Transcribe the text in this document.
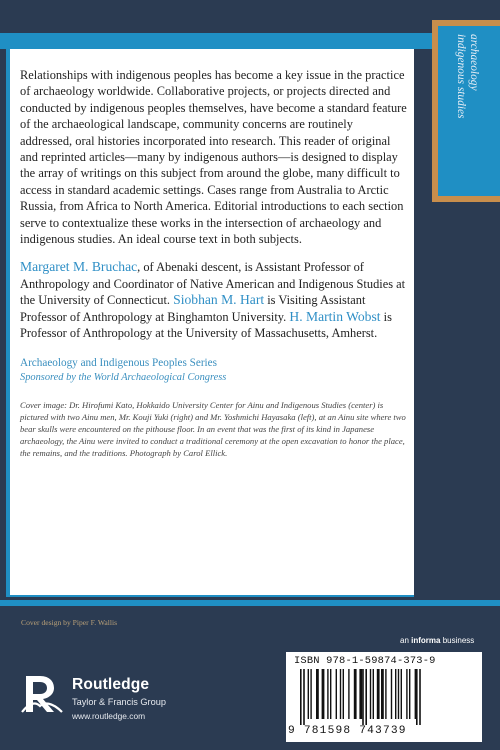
Relationships with indigenous peoples has become a key issue in the practice of archaeology worldwide. Collaborative projects, or projects directed and conducted by indigenous peoples themselves, have become a standard feature of the archaeological landscape, community concerns are routinely addressed, oral histories incorporated into research. This reader of original and reprinted articles—many by indigenous authors—is designed to display the array of writings on this subject from around the globe, many difficult to access in standard academic settings. Cases range from Australia to Arctic Russia, from Africa to North America. Editorial introductions to each section serve to contextualize these works in the intersection of archaeology and indigenous studies. An ideal course text in both subjects.

Margaret M. Bruchac, of Abenaki descent, is Assistant Professor of Anthropology and Coordinator of Native American and Indigenous Studies at the University of Connecticut. Siobhan M. Hart is Visiting Assistant Professor of Anthropology at Binghamton University. H. Martin Wobst is Professor of Anthropology at the University of Massachusetts, Amherst.

Archaeology and Indigenous Peoples Series

Sponsored by the World Archaeological Congress

Cover image: Dr. Hirofumi Kato, Hokkaido University Center for Ainu and Indigenous Studies (center) is pictured with two Ainu men, Mr. Kouji Yuki (right) and Mr. Yoshmichi Hayasaka (left), at an Ainu site where two bear skulls were encountered on the pithouse floor. In an event that was the first of its kind in Japanese archaeology, the Ainu were invited to conduct a traditional ceremony at the open excavation to honor the place, the remains, and the traditions. Photograph by Carol Ellick.

archaeology
indigenous studies
Cover design by Piper F. Wallis
Routledge
Taylor & Francis Group
www.routledge.com
an informa business
ISBN 978-1-59874-373-9
9 781598 743739
